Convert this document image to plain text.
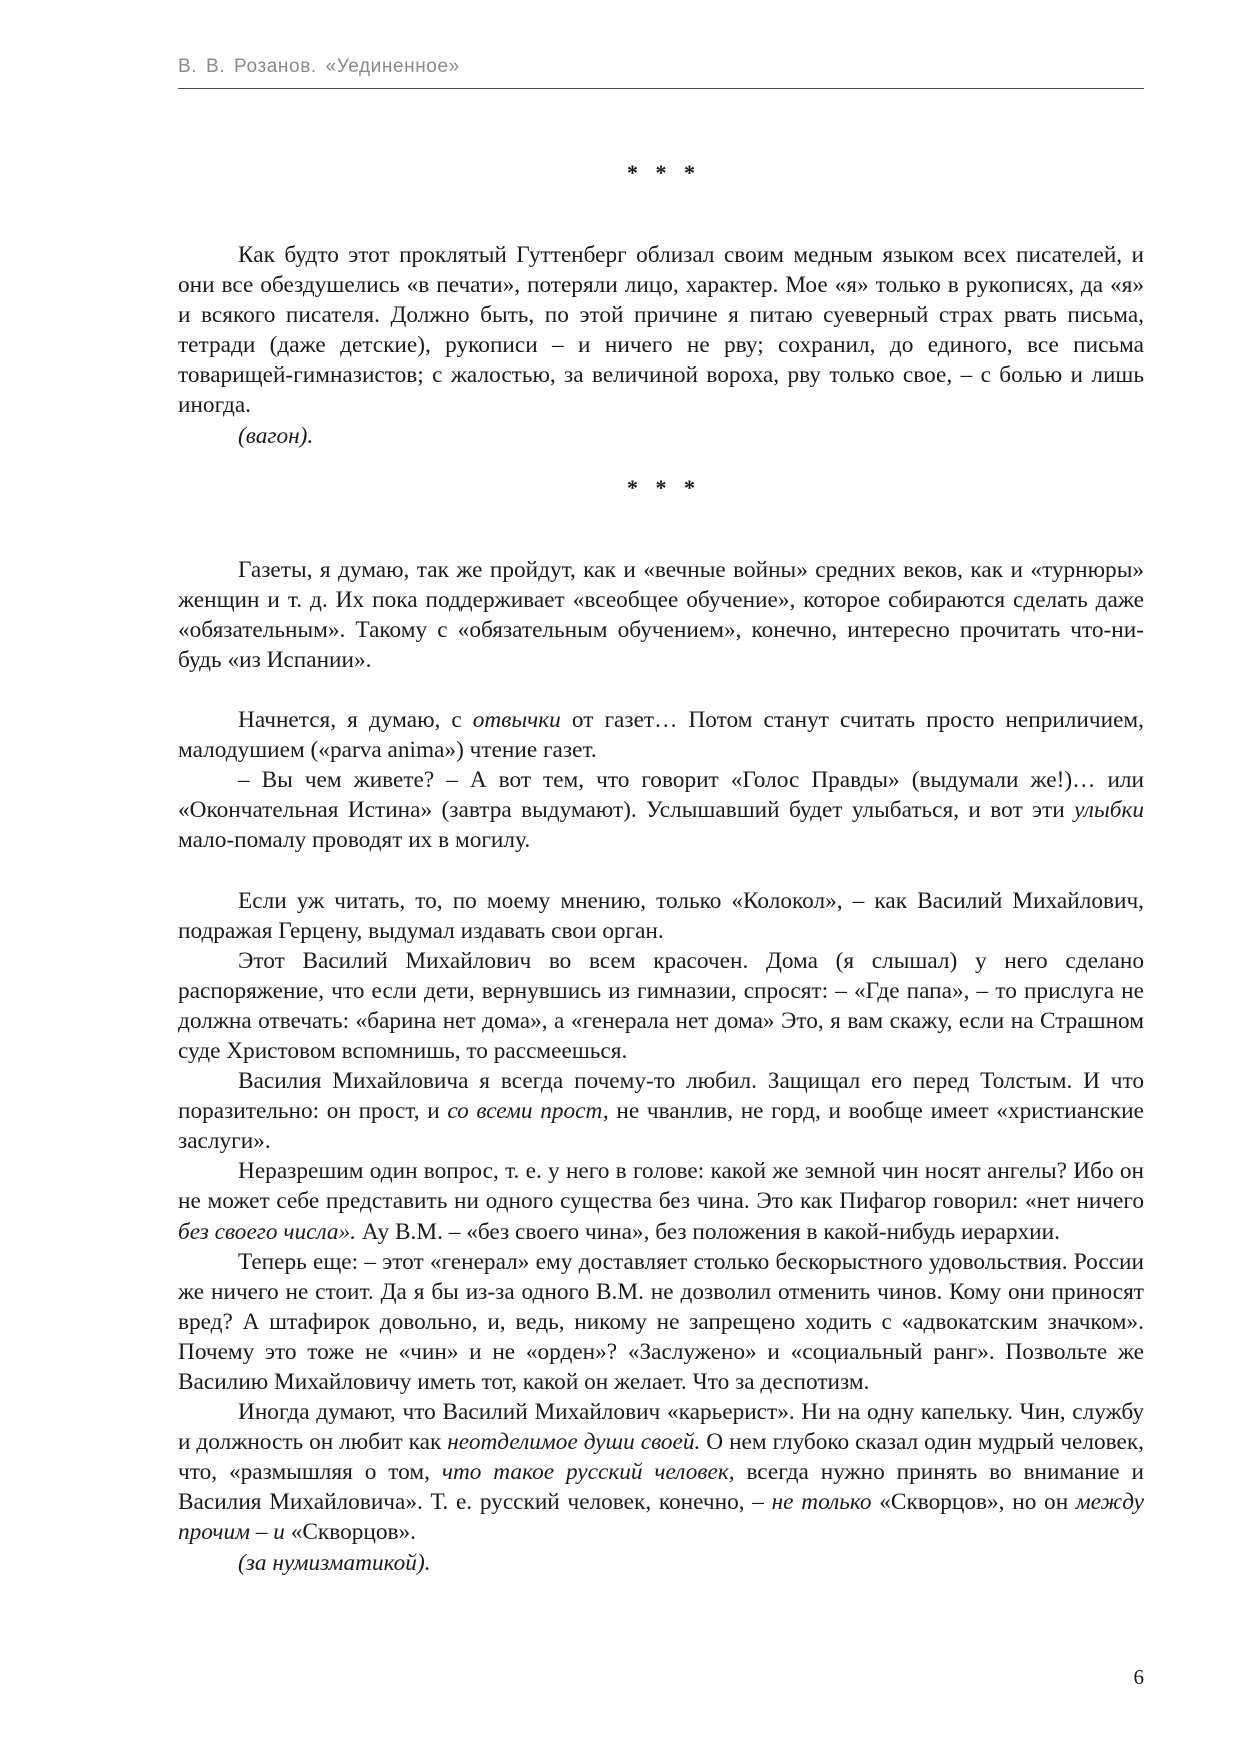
В. В. Розанов. «Уединенное»
* * *

Как будто этот проклятый Гуттенберг облизал своим медным языком всех писателей, и они все обездушелись «в печати», потеряли лицо, характер. Мое «я» только в рукописях, да «я» и всякого писателя. Должно быть, по этой причине я питаю суеверный страх рвать письма, тетради (даже детские), рукописи – и ничего не рву; сохранил, до единого, все письма товарищей-гимназистов; с жалостью, за величиной вороха, рву только свое, – с болью и лишь иногда.

(вагон).

* * *

Газеты, я думаю, так же пройдут, как и «вечные войны» средних веков, как и «турнюры» женщин и т. д. Их пока поддерживает «всеобщее обучение», которое собираются сделать даже «обязательным». Такому с «обязательным обучением», конечно, интересно прочитать что-ни-будь «из Испании».

Начнется, я думаю, с отвычки от газет… Потом станут считать просто неприличием, малодушием («parva anima») чтение газет.

– Вы чем живете? – А вот тем, что говорит «Голос Правды» (выдумали же!)… или «Окончательная Истина» (завтра выдумают). Услышавший будет улыбаться, и вот эти улыбки мало-помалу проводят их в могилу.

Если уж читать, то, по моему мнению, только «Колокол», – как Василий Михайлович, подражая Герцену, выдумал издавать свои орган.

Этот Василий Михайлович во всем красочен. Дома (я слышал) у него сделано распоряжение, что если дети, вернувшись из гимназии, спросят: – «Где папа», – то прислуга не должна отвечать: «барина нет дома», а «генерала нет дома» Это, я вам скажу, если на Страшном суде Христовом вспомнишь, то рассмеешься.

Василия Михайловича я всегда почему-то любил. Защищал его перед Толстым. И что поразительно: он прост, и со всеми прост, не чванлив, не горд, и вообще имеет «христианские заслуги».

Неразрешим один вопрос, т. е. у него в голове: какой же земной чин носят ангелы? Ибо он не может себе представить ни одного существа без чина. Это как Пифагор говорил: «нет ничего без своего числа». Ау В.М. – «без своего чина», без положения в какой-нибудь иерархии.

Теперь еще: – этот «генерал» ему доставляет столько бескорыстного удовольствия. России же ничего не стоит. Да я бы из-за одного В.М. не дозволил отменить чинов. Кому они приносят вред? А штафирок довольно, и, ведь, никому не запрещено ходить с «адвокатским значком». Почему это тоже не «чин» и не «орден»? «Заслужено» и «социальный ранг». Позвольте же Василию Михайловичу иметь тот, какой он желает. Что за деспотизм.

Иногда думают, что Василий Михайлович «карьерист». Ни на одну капельку. Чин, службу и должность он любит как неотделимое души своей. О нем глубоко сказал один мудрый человек, что, «размышляя о том, что такое русский человек, всегда нужно принять во внимание и Василия Михайловича». Т. е. русский человек, конечно, – не только «Скворцов», но он между прочим – и «Скворцов».

(за нумизматикой).

6
